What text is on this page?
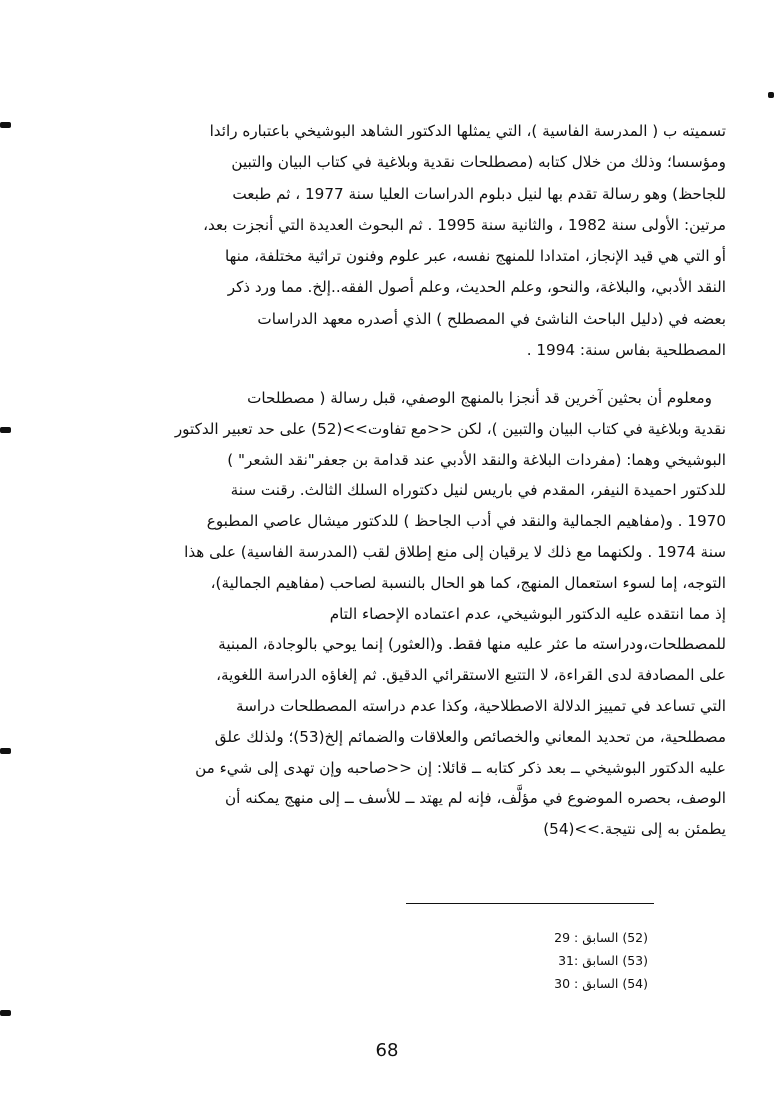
تسميته ب ( المدرسة الفاسية )، التي يمثلها الدكتور الشاهد البوشيخي باعتباره رائدا
ومؤسسا؛ وذلك من خلال كتابه (مصطلحات نقدية وبلاغية في كتاب البيان والتبين
للجاحظ) وهو رسالة تقدم بها لنيل دبلوم الدراسات العليا سنة 1977 ، ثم طبعت
مرتين: الأولى سنة 1982 ، والثانية سنة 1995 . ثم البحوث العديدة التي أنجزت بعد،
أو التي هي قيد الإنجاز، امتدادا للمنهج نفسه، عبر علوم وفنون تراثية مختلفة، منها
النقد الأدبي، والبلاغة، والنحو، وعلم الحديث، وعلم أصول الفقه..إلخ. مما ورد ذكر
بعضه في (دليل الباحث الناشئ في المصطلح ) الذي أصدره معهد الدراسات
المصطلحية بفاس سنة: 1994 .
ومعلوم أن بحثين آخرين قد أنجزا بالمنهج الوصفي، قبل رسالة ( مصطلحات
نقدية وبلاغية في كتاب البيان والتبين )، لكن <<مع تفاوت>>(52) على حد تعبير الدكتور
البوشيخي وهما: (مفردات البلاغة والنقد الأدبي عند قدامة بن جعفر"نقد الشعر" )
للدكتور احميدة النيفر، المقدم في باريس لنيل دكتوراه السلك الثالث. رقنت سنة
1970 . و(مفاهيم الجمالية والنقد في أدب الجاحظ ) للدكتور ميشال عاصي المطبوع
سنة 1974 . ولكنهما مع ذلك لا يرقيان إلى منع إطلاق لقب (المدرسة الفاسية) على هذا
التوجه، إما لسوء استعمال المنهج، كما هو الحال بالنسبة لصاحب (مفاهيم الجمالية)،
إذ مما انتقده عليه الدكتور البوشيخي، عدم اعتماده الإحصاء التام
للمصطلحات،ودراسته ما عثر عليه منها فقط. و(العثور) إنما يوحي بالوجادة، المبنية
على المصادفة لدى القراءة، لا التتبع الاستقرائي الدقيق. ثم إلغاؤه الدراسة اللغوية،
التي تساعد في تمييز الدلالة الاصطلاحية، وكذا عدم دراسته المصطلحات دراسة
مصطلحية، من تحديد المعاني والخصائص والعلاقات والضمائم إلخ(53)؛ ولذلك علق
عليه الدكتور البوشيخي ــ بعد ذكر كتابه ــ قائلا: إن <<صاحبه وإن تهدى إلى شيء من
الوصف، بحصره الموضوع في مؤلَّف، فإنه لم يهتد ــ للأسف ــ إلى منهج يمكنه أن
يطمئن به إلى نتيجة.>>(54)
(52) السابق : 29
(53) السابق :31
(54) السابق : 30
68
